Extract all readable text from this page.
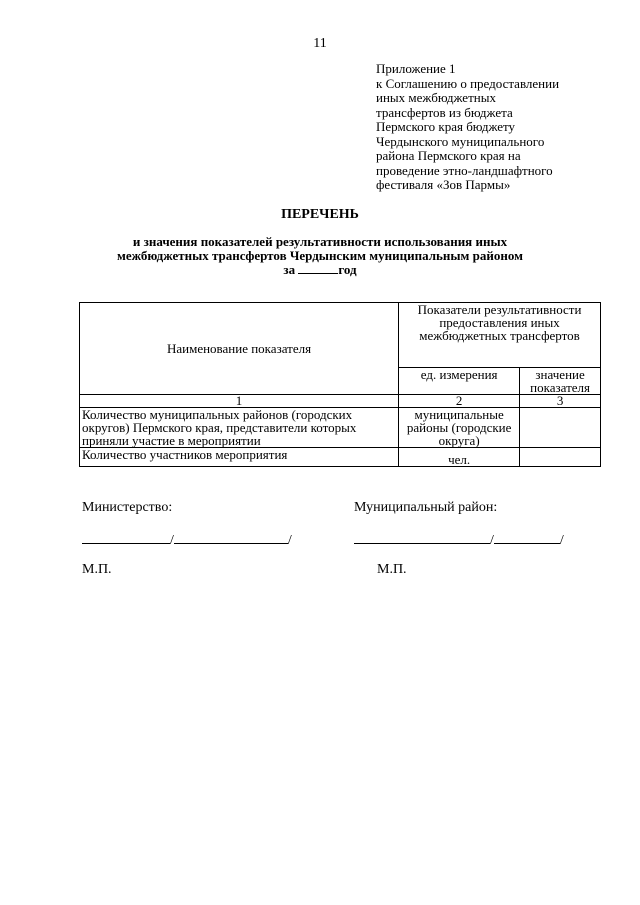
11
Приложение 1
к Соглашению о предоставлении
иных межбюджетных
трансфертов из бюджета
Пермского края бюджету
Чердынского муниципального
района Пермского края на
проведение этно-ландшафтного
фестиваля «Зов Пармы»
ПЕРЕЧЕНЬ
и значения показателей результативности использования иных
межбюджетных трансфертов Чердынским муниципальным районом
за	год
Наименование показателя	Показатели результативности предоставления иных межбюджетных трансфертов	
	ед. измерения	значение показателя
1	2	3
Количество муниципальных районов (городских округов) Пермского края, представители которых приняли участие в мероприятии	муниципальные районы (городские округа)	
Количество участников мероприятия	чел.	
Министерство:	Муниципальный район:
/	/	/	/
М.П.	М.П.
